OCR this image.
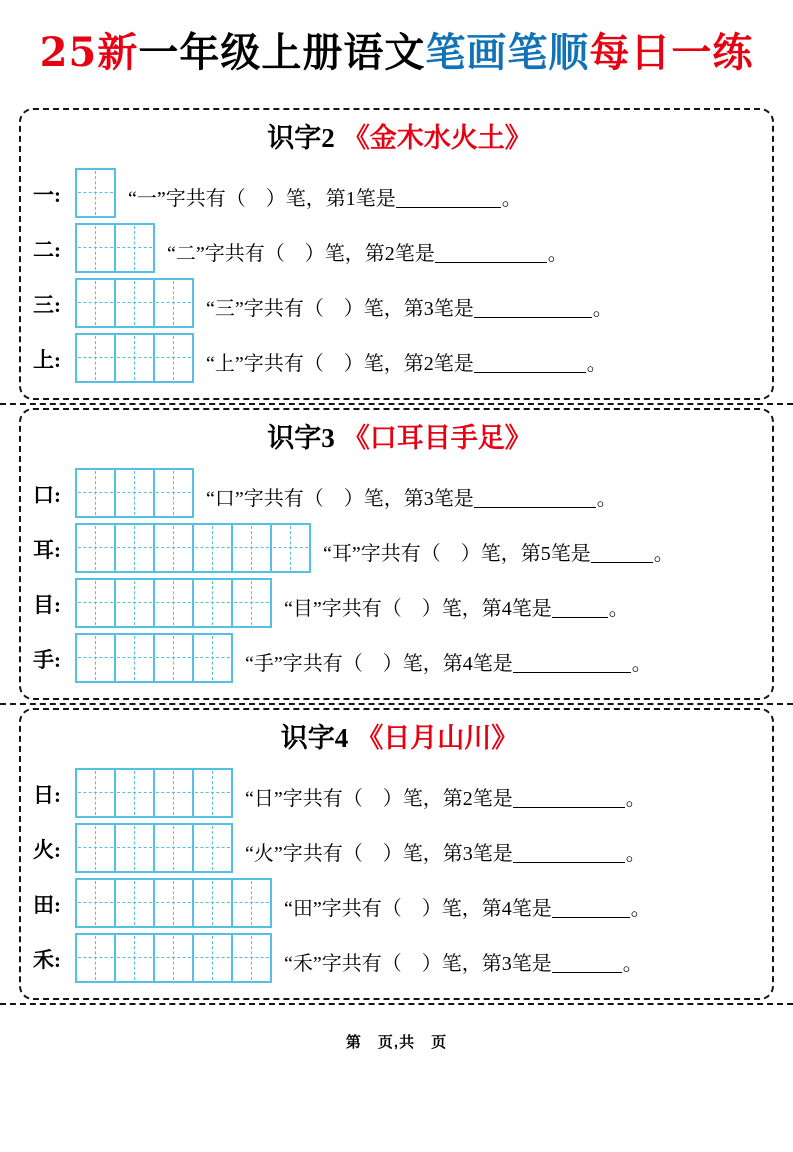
25新一年级上册语文笔画笔顺每日一练
识字2 《金木水火土》
一:	“一”字共有（　）笔，第1笔是	。
二:	“二”字共有（　）笔，第2笔是	。
三:	“三”字共有（　）笔，第3笔是	。
上:	“上”字共有（　）笔，第2笔是	。
识字3 《口耳目手足》
口:	“口”字共有（　）笔，第3笔是	。
耳:	“耳”字共有（　）笔，第5笔是	。
目:	“目”字共有（　）笔，第4笔是	。
手:	“手”字共有（　）笔，第4笔是	。
识字4 《日月山川》
日:	“日”字共有（　）笔，第2笔是	。
火:	“火”字共有（　）笔，第3笔是	。
田:	“田”字共有（　）笔，第4笔是	。
禾:	“禾”字共有（　）笔，第3笔是	。
第　页,共　页
